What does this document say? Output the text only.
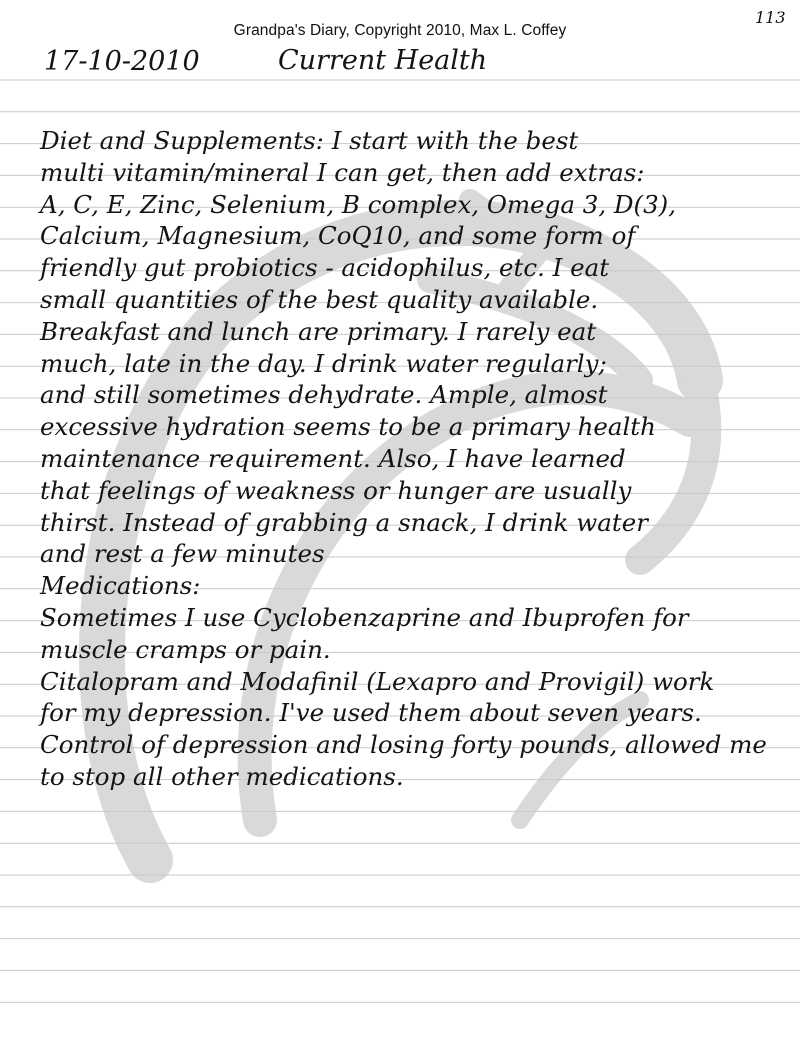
Grandpa's Diary, Copyright 2010, Max L. Coffey
113
17-10-2010	Current Health
Diet and Supplements: I start with the best
multi vitamin/mineral I can get, then add extras:
A, C, E, Zinc, Selenium, B complex, Omega 3, D(3),
Calcium, Magnesium, CoQ10, and some form of
friendly gut probiotics - acidophilus, etc. I eat
small quantities of the best quality available.
Breakfast and lunch are primary. I rarely eat
much, late in the day. I drink water regularly;
and still sometimes dehydrate. Ample, almost
excessive hydration seems to be a primary health
maintenance requirement. Also, I have learned
that feelings of weakness or hunger are usually
thirst. Instead of grabbing a snack, I drink water
and rest a few minutes
Medications:
Sometimes I use Cyclobenzaprine and Ibuprofen for
muscle cramps or pain.
Citalopram and Modafinil (Lexapro and Provigil) work
for my depression. I've used them about seven years.
Control of depression and losing forty pounds, allowed me
to stop all other medications.
